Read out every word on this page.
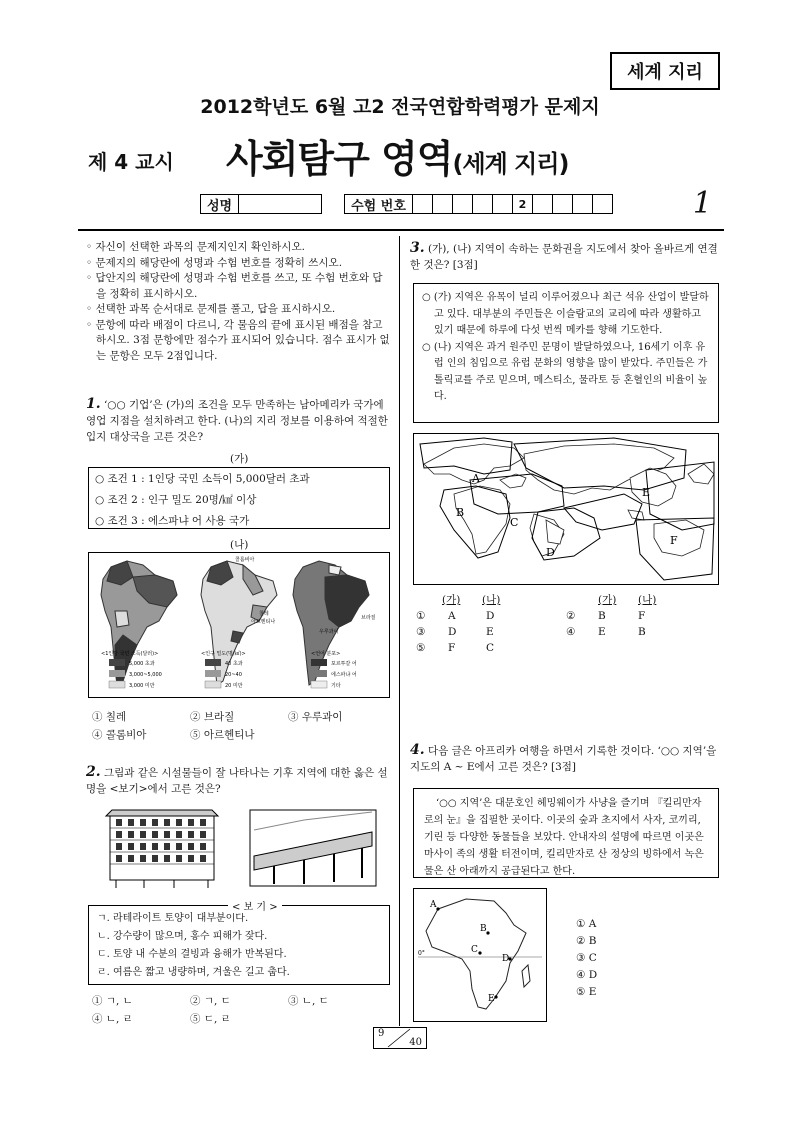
세계 지리
2012학년도 6월 고2 전국연합학력평가 문제지
제 4 교시 사회탐구 영역(세계 지리)
성명	수험 번호	2	1
◦ 자신이 선택한 과목의 문제지인지 확인하시오.
◦ 문제지의 해당란에 성명과 수험 번호를 정확히 쓰시오.
◦ 답안지의 해당란에 성명과 수험 번호를 쓰고, 또 수험 번호와 답을 정확히 표시하시오.
◦ 선택한 과목 순서대로 문제를 풀고, 답을 표시하시오.
◦ 문항에 따라 배점이 다르니, 각 물음의 끝에 표시된 배점을 참고하시오. 3점 문항에만 점수가 표시되어 있습니다. 점수 표시가 없는 문항은 모두 2점입니다.
1. ‘○○ 기업’은 (가)의 조건을 모두 만족하는 남아메리카 국가에 영업 지점을 설치하려고 한다. (나)의 지리 정보를 이용하여 적절한 입지 대상국을 고른 것은?
(가)
○ 조건 1 : 1인당 국민 소득이 5,000달러 초과
○ 조건 2 : 인구 밀도 20명/㎢ 이상
○ 조건 3 : 에스파냐 어 사용 국가
(나)
콜롬비아
브라질
칠레
아르헨티나
우루과이
<1인당 국민 소득(달러)>
5,000 초과
3,000~5,000
3,000 미만
<인구 밀도(명/㎢)>
40 초과
20~40
20 미만
<언어 분포>
포르투갈 어
에스파냐 어
기타
① 칠레	② 브라질	③ 우루과이
④ 콜롬비아	⑤ 아르헨티나
2. 그림과 같은 시설물들이 잘 나타나는 기후 지역에 대한 옳은 설명을 <보기>에서 고른 것은?
ㄱ. 라테라이트 토양이 대부분이다.
ㄴ. 강수량이 많으며, 홍수 피해가 잦다.
ㄷ. 토양 내 수분의 결빙과 융해가 반복된다.
ㄹ. 여름은 짧고 냉량하며, 겨울은 길고 춥다.
< 보 기 >
① ㄱ, ㄴ	② ㄱ, ㄷ	③ ㄴ, ㄷ
④ ㄴ, ㄹ	⑤ ㄷ, ㄹ
3. (가), (나) 지역이 속하는 문화권을 지도에서 찾아 올바르게 연결한 것은? [3점]
○ (가) 지역은 유목이 널리 이루어졌으나 최근 석유 산업이 발달하고 있다. 대부분의 주민들은 이슬람교의 교리에 따라 생활하고 있기 때문에 하루에 다섯 번씩 메카를 향해 기도한다.
○ (나) 지역은 과거 원주민 문명이 발달하였으나, 16세기 이후 유럽 인의 침입으로 유럽 문화의 영향을 많이 받았다. 주민들은 가톨릭교를 주로 믿으며, 메스티소, 물라토 등 혼혈인의 비율이 높다.
A
B
C
D
E
F
(가) (나)	(가) (나)
① A	D	② B	F
③ D	E	④ E	B
⑤ F	C
4. 다음 글은 아프리카 여행을 하면서 기록한 것이다. ‘○○ 지역’을 지도의 A ~ E에서 고른 것은? [3점]
‘○○ 지역’은 대문호인 헤밍웨이가 사냥을 즐기며 『킬리만자로의 눈』을 집필한 곳이다. 이곳의 숲과 초지에서 사자, 코끼리, 기린 등 다양한 동물들을 보았다. 안내자의 설명에 따르면 이곳은 마사이 족의 생활 터전이며, 킬리만자로 산 정상의 빙하에서 녹은 물은 산 아래까지 공급된다고 한다.
0°
A
B
C
D
E
① A
② B
③ C
④ D
⑤ E
9
40
